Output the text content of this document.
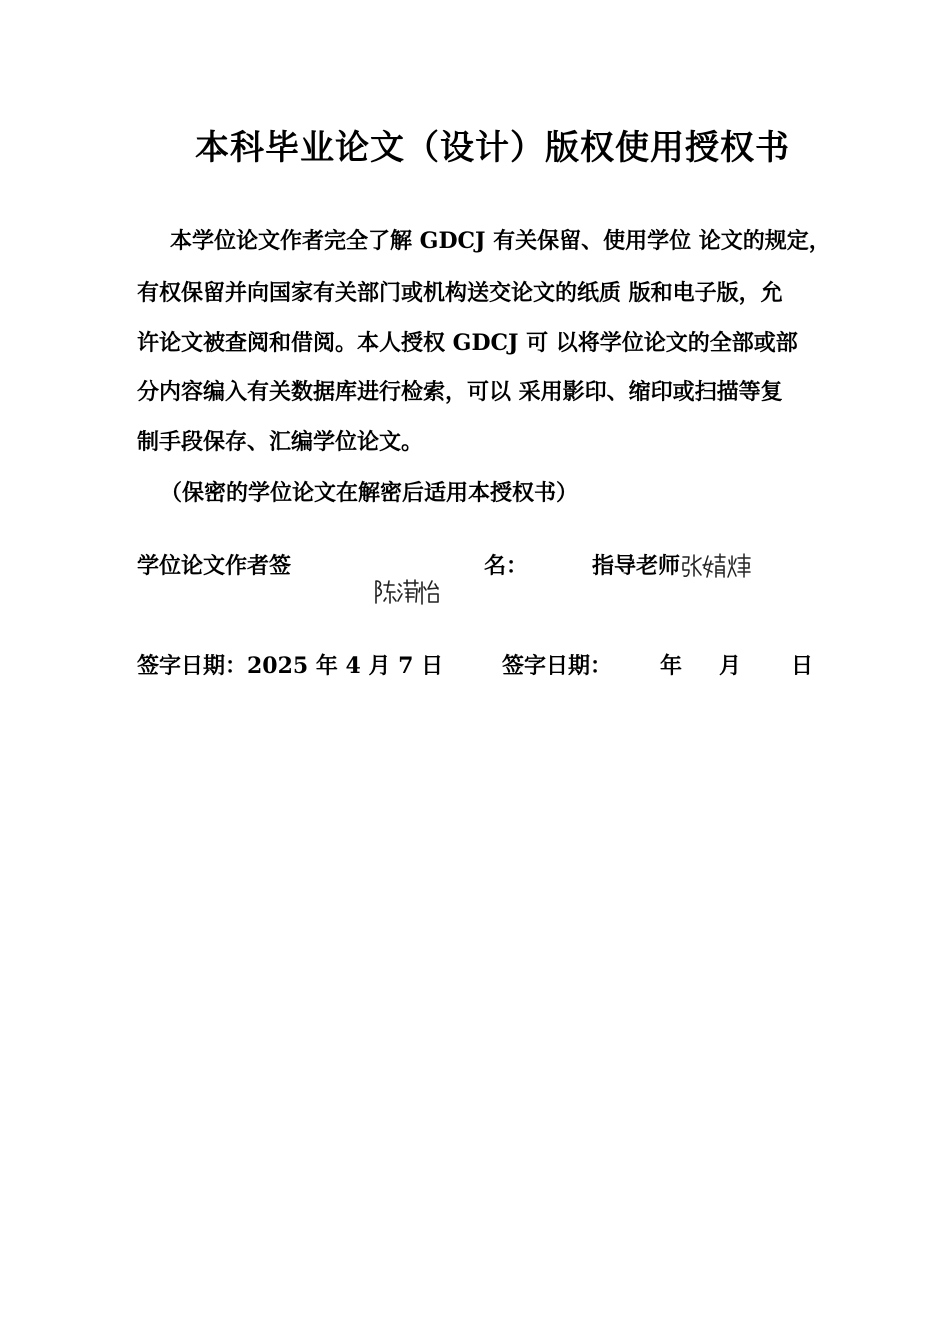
本科毕业论文（设计）版权使用授权书
本学位论文作者完全了解 GDCJ 有关保留、使用学位 论文的规定，
有权保留并向国家有关部门或机构送交论文的纸质 版和电子版，允
许论文被查阅和借阅。本人授权 GDCJ 可 以将学位论文的全部或部
分内容编入有关数据库进行检索，可以 采用影印、缩印或扫描等复
制手段保存、汇编学位论文。
（保密的学位论文在解密后适用本授权书）
学位论文作者签	名：	指导老师
签字日期：2025 年 4 月 7 日	签字日期： 年 月 日
